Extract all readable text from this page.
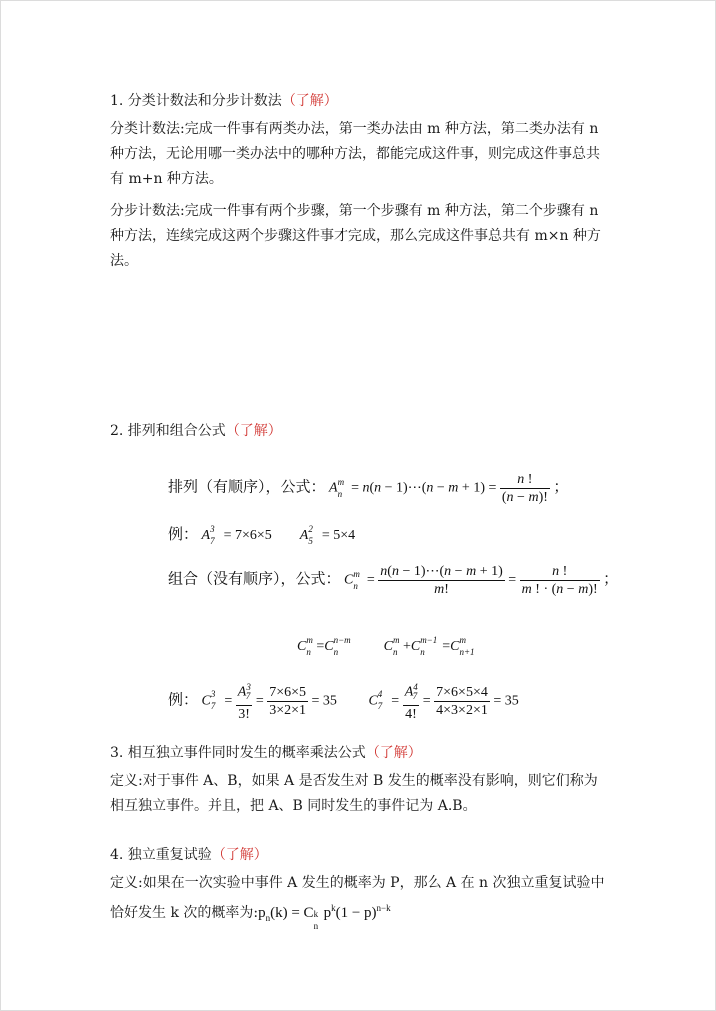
1. 分类计数法和分步计数法（了解）
分类计数法:完成一件事有两类办法，第一类办法由 m 种方法，第二类办法有 n 种方法，无论用哪一类办法中的哪种方法，都能完成这件事，则完成这件事总共有 m+n 种方法。
分步计数法:完成一件事有两个步骤，第一个步骤有 m 种方法，第二个步骤有 n 种方法，连续完成这两个步骤这件事才完成，那么完成这件事总共有 m×n 种方法。
2. 排列和组合公式（了解）
排列（有顺序），公式： A m
n = n(n − 1)⋯(n − $m + 1) = \frac{n !}{(n - m)!}$ ；
例： A 3
7 = 7×6×5        A 2
5 = 5×4
组合（没有顺序），公式： C m
$n = \frac{n(n - 1)\cdots(n - m + 1)}{m!} = \frac{n !}{m ! \cdot (n - m)!}$ ；
C m
n =C n−m
n	C m
n +C m−1
n =C m
n+1
例： C 3
$7 = \frac{A^3_7}{3!} = \frac{7\times 6\times 5}{3\times 2\times 1} = 35$         C 4
$7 = \frac{A^4_7}{4!} = \frac{7\times 6\times 5\times 4}{4\times 3\times 2\times 1} = 35$
3. 相互独立事件同时发生的概率乘法公式（了解）
定义:对于事件 A、B，如果 A 是否发生对 B 发生的概率没有影响，则它们称为相互独立事件。并且，把 A、B 同时发生的事件记为 A.B。
4. 独立重复试验（了解）
定义:如果在一次实验中事件 A 发生的概率为 P，那么 A 在 n 次独立重复试验中恰好发生 k 次的概率为$:p_n(k) = C$ k
n
$p^k(1 - p)^{n-k}$
